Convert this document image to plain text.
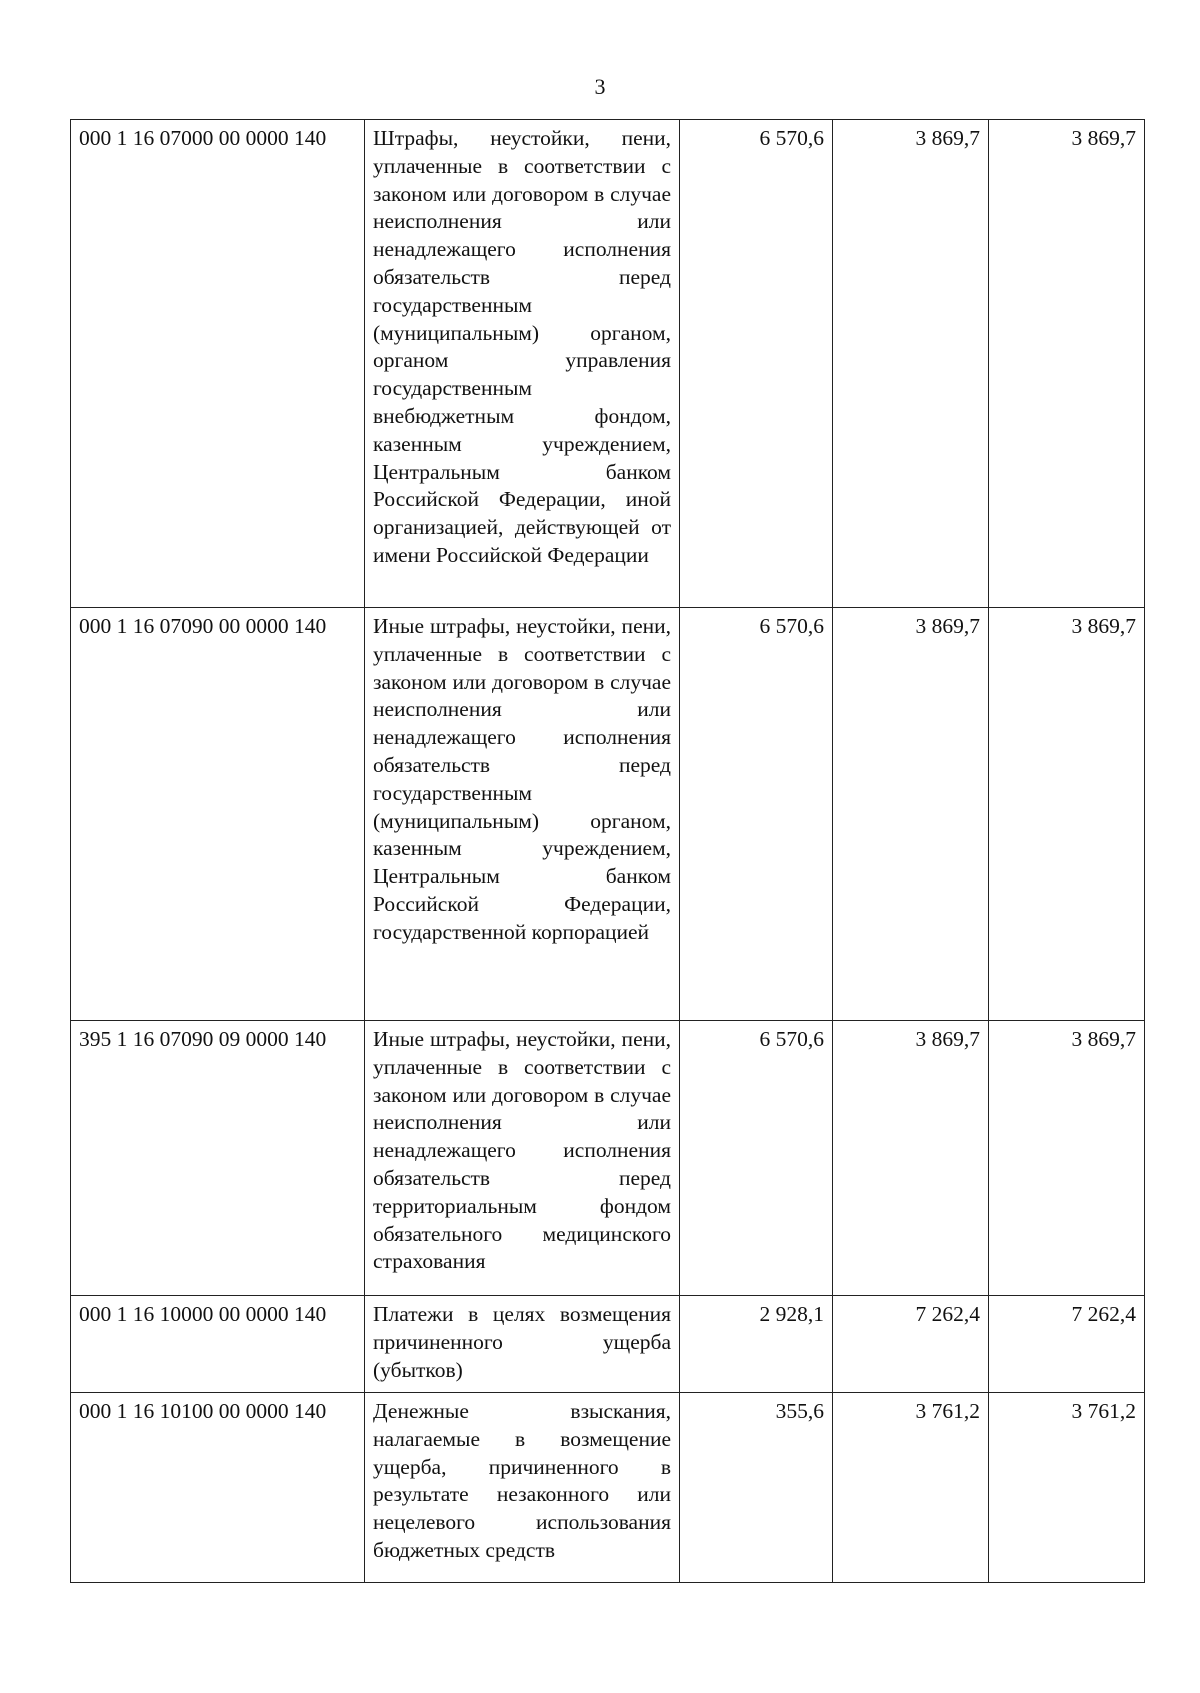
3
000 1 16 07000 00 0000 140	Штрафы, неустойки, пени, уплаченные в соответствии с законом или договором в случае неисполнения или ненадлежащего исполнения обязательств перед государственным (муниципальным) органом, органом управления государственным внебюджетным фондом, казенным учреждением, Центральным банком Российской Федерации, иной организацией, действующей от имени Российской Федерации	6 570,6	3 869,7	3 869,7
000 1 16 07090 00 0000 140	Иные штрафы, неустойки, пени, уплаченные в соответствии с законом или договором в случае неисполнения или ненадлежащего исполнения обязательств перед государственным (муниципальным) органом, казенным учреждением, Центральным банком Российской Федерации, государственной корпорацией	6 570,6	3 869,7	3 869,7
395 1 16 07090 09 0000 140	Иные штрафы, неустойки, пени, уплаченные в соответствии с законом или договором в случае неисполнения или ненадлежащего исполнения обязательств перед территориальным фондом обязательного медицинского страхования	6 570,6	3 869,7	3 869,7
000 1 16 10000 00 0000 140	Платежи в целях возмещения причиненного ущерба (убытков)	2 928,1	7 262,4	7 262,4
000 1 16 10100 00 0000 140	Денежные взыскания, налагаемые в возмещение ущерба, причиненного в результате незаконного или нецелевого использования бюджетных средств	355,6	3 761,2	3 761,2
